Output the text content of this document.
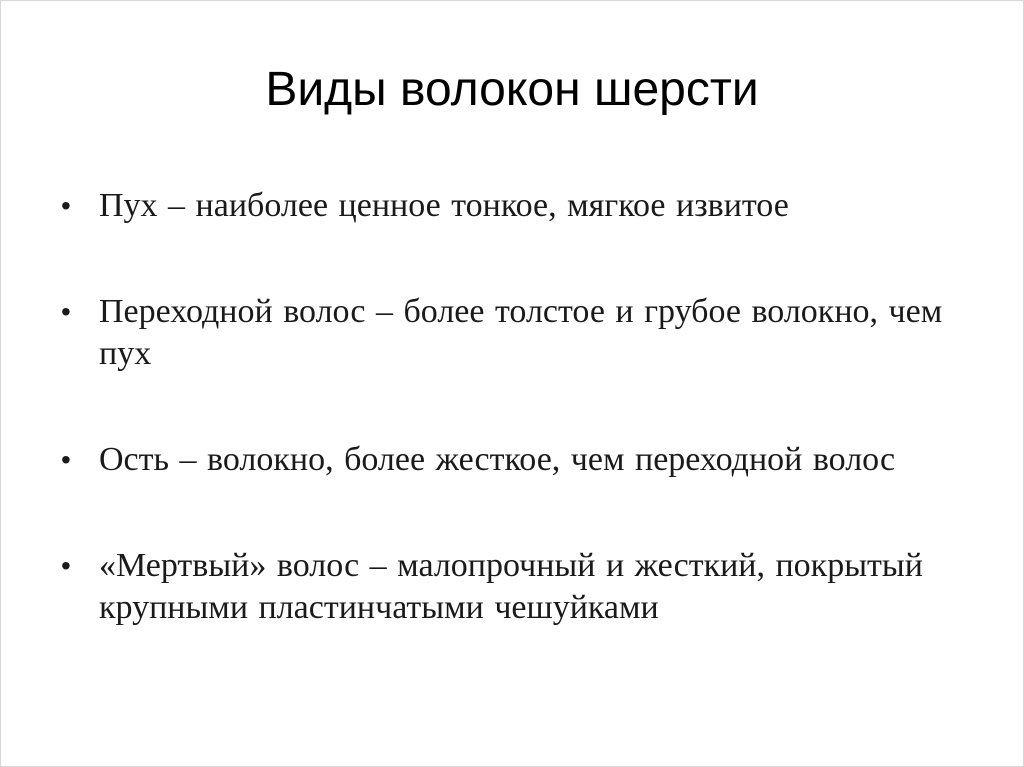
Виды волокон шерсти
• Пух – наиболее ценное тонкое, мягкое извитое
• Переходной волос – более толстое и грубое волокно, чем пух
• Ость – волокно, более жесткое, чем переходной волос
• «Мертвый» волос – малопрочный и жесткий, покрытый крупными пластинчатыми чешуйками
